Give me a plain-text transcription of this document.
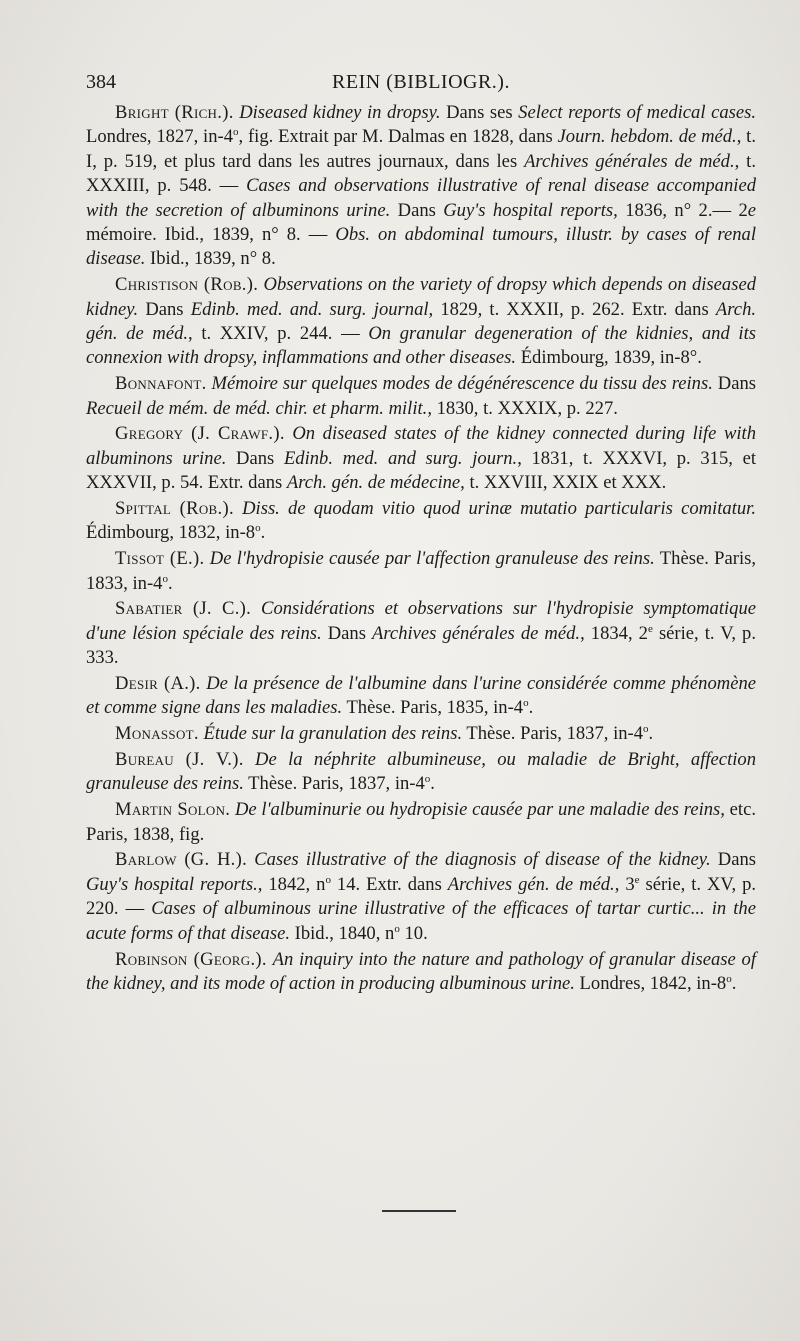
384	REIN (BIBLIOGR.).

Bright (Rich.). Diseased kidney in dropsy. Dans ses Select reports of medical cases. Londres, 1827, in-4$^o$, fig. Extrait par M. Dalmas en 1828, dans Journ. hebdom. de méd., t. I, p. 519, et plus tard dans les autres journaux, dans les Archives générales de méd., t. XXXIII, p. 548. — Cases and observations illustrative of renal disease accompanied with the secretion of albuminons urine. Dans Guy's hospital reports, 1836, n° 2.— 2e mémoire. Ibid., 1839, n° 8. — Obs. on abdominal tumours, illustr. by cases of renal disease. Ibid., 1839, n° 8.

Christison (Rob.). Observations on the variety of dropsy which depends on diseased kidney. Dans Edinb. med. and. surg. journal, 1829, t. XXXII, p. 262. Extr. dans Arch. gén. de méd., t. XXIV, p. 244. — On granular degeneration of the kidnies, and its connexion with dropsy, inflammations and other diseases. Édimbourg, 1839, in-8°.

Bonnafont. Mémoire sur quelques modes de dégénérescence du tissu des reins. Dans Recueil de mém. de méd. chir. et pharm. milit., 1830, t. XXXIX, p. 227.

Gregory (J. Crawf.). On diseased states of the kidney connected during life with albuminons urine. Dans Edinb. med. and surg. journ., 1831, t. XXXVI, p. 315, et XXXVII, p. 54. Extr. dans Arch. gén. de médecine, t. XXVIII, XXIX et XXX.

Spittal (Rob.). Diss. de quodam vitio quod urinæ mutatio particularis comitatur. Édimbourg, 1832, in-8$^o$.

Tissot (E.). De l'hydropisie causée par l'affection granuleuse des reins. Thèse. Paris, 1833, in-4$^o$.

Sabatier (J. C.). Considérations et observations sur l'hydropisie symptomatique d'une lésion spéciale des reins. Dans Archives générales de méd., 1834, 2e série, t. V, p. 333.

Desir (A.). De la présence de l'albumine dans l'urine considérée comme phénomène et comme signe dans les maladies. Thèse. Paris, 1835, in-4$^o$.

Monassot. Étude sur la granulation des reins. Thèse. Paris, 1837, in-4$^o$.

Bureau (J. V.). De la néphrite albumineuse, ou maladie de Bright, affection granuleuse des reins. Thèse. Paris, 1837, in-4$^o$.

Martin Solon. De l'albuminurie ou hydropisie causée par une maladie des reins, etc. Paris, 1838, fig.

Barlow (G. H.). Cases illustrative of the diagnosis of disease of the kidney. Dans Guy's hospital reports., 1842, $n^o$ 14. Extr. dans Archives gén. de méd., 3e série, t. XV, p. 220. — Cases of albuminous urine illustrative of the efficaces of tartar curtic... in the acute forms of that disease. Ibid., 1840, $n^o$ 10.

Robinson (Georg.). An inquiry into the nature and pathology of granular disease of the kidney, and its mode of action in producing albuminous urine. Londres, 1842, in-8$^o$.
